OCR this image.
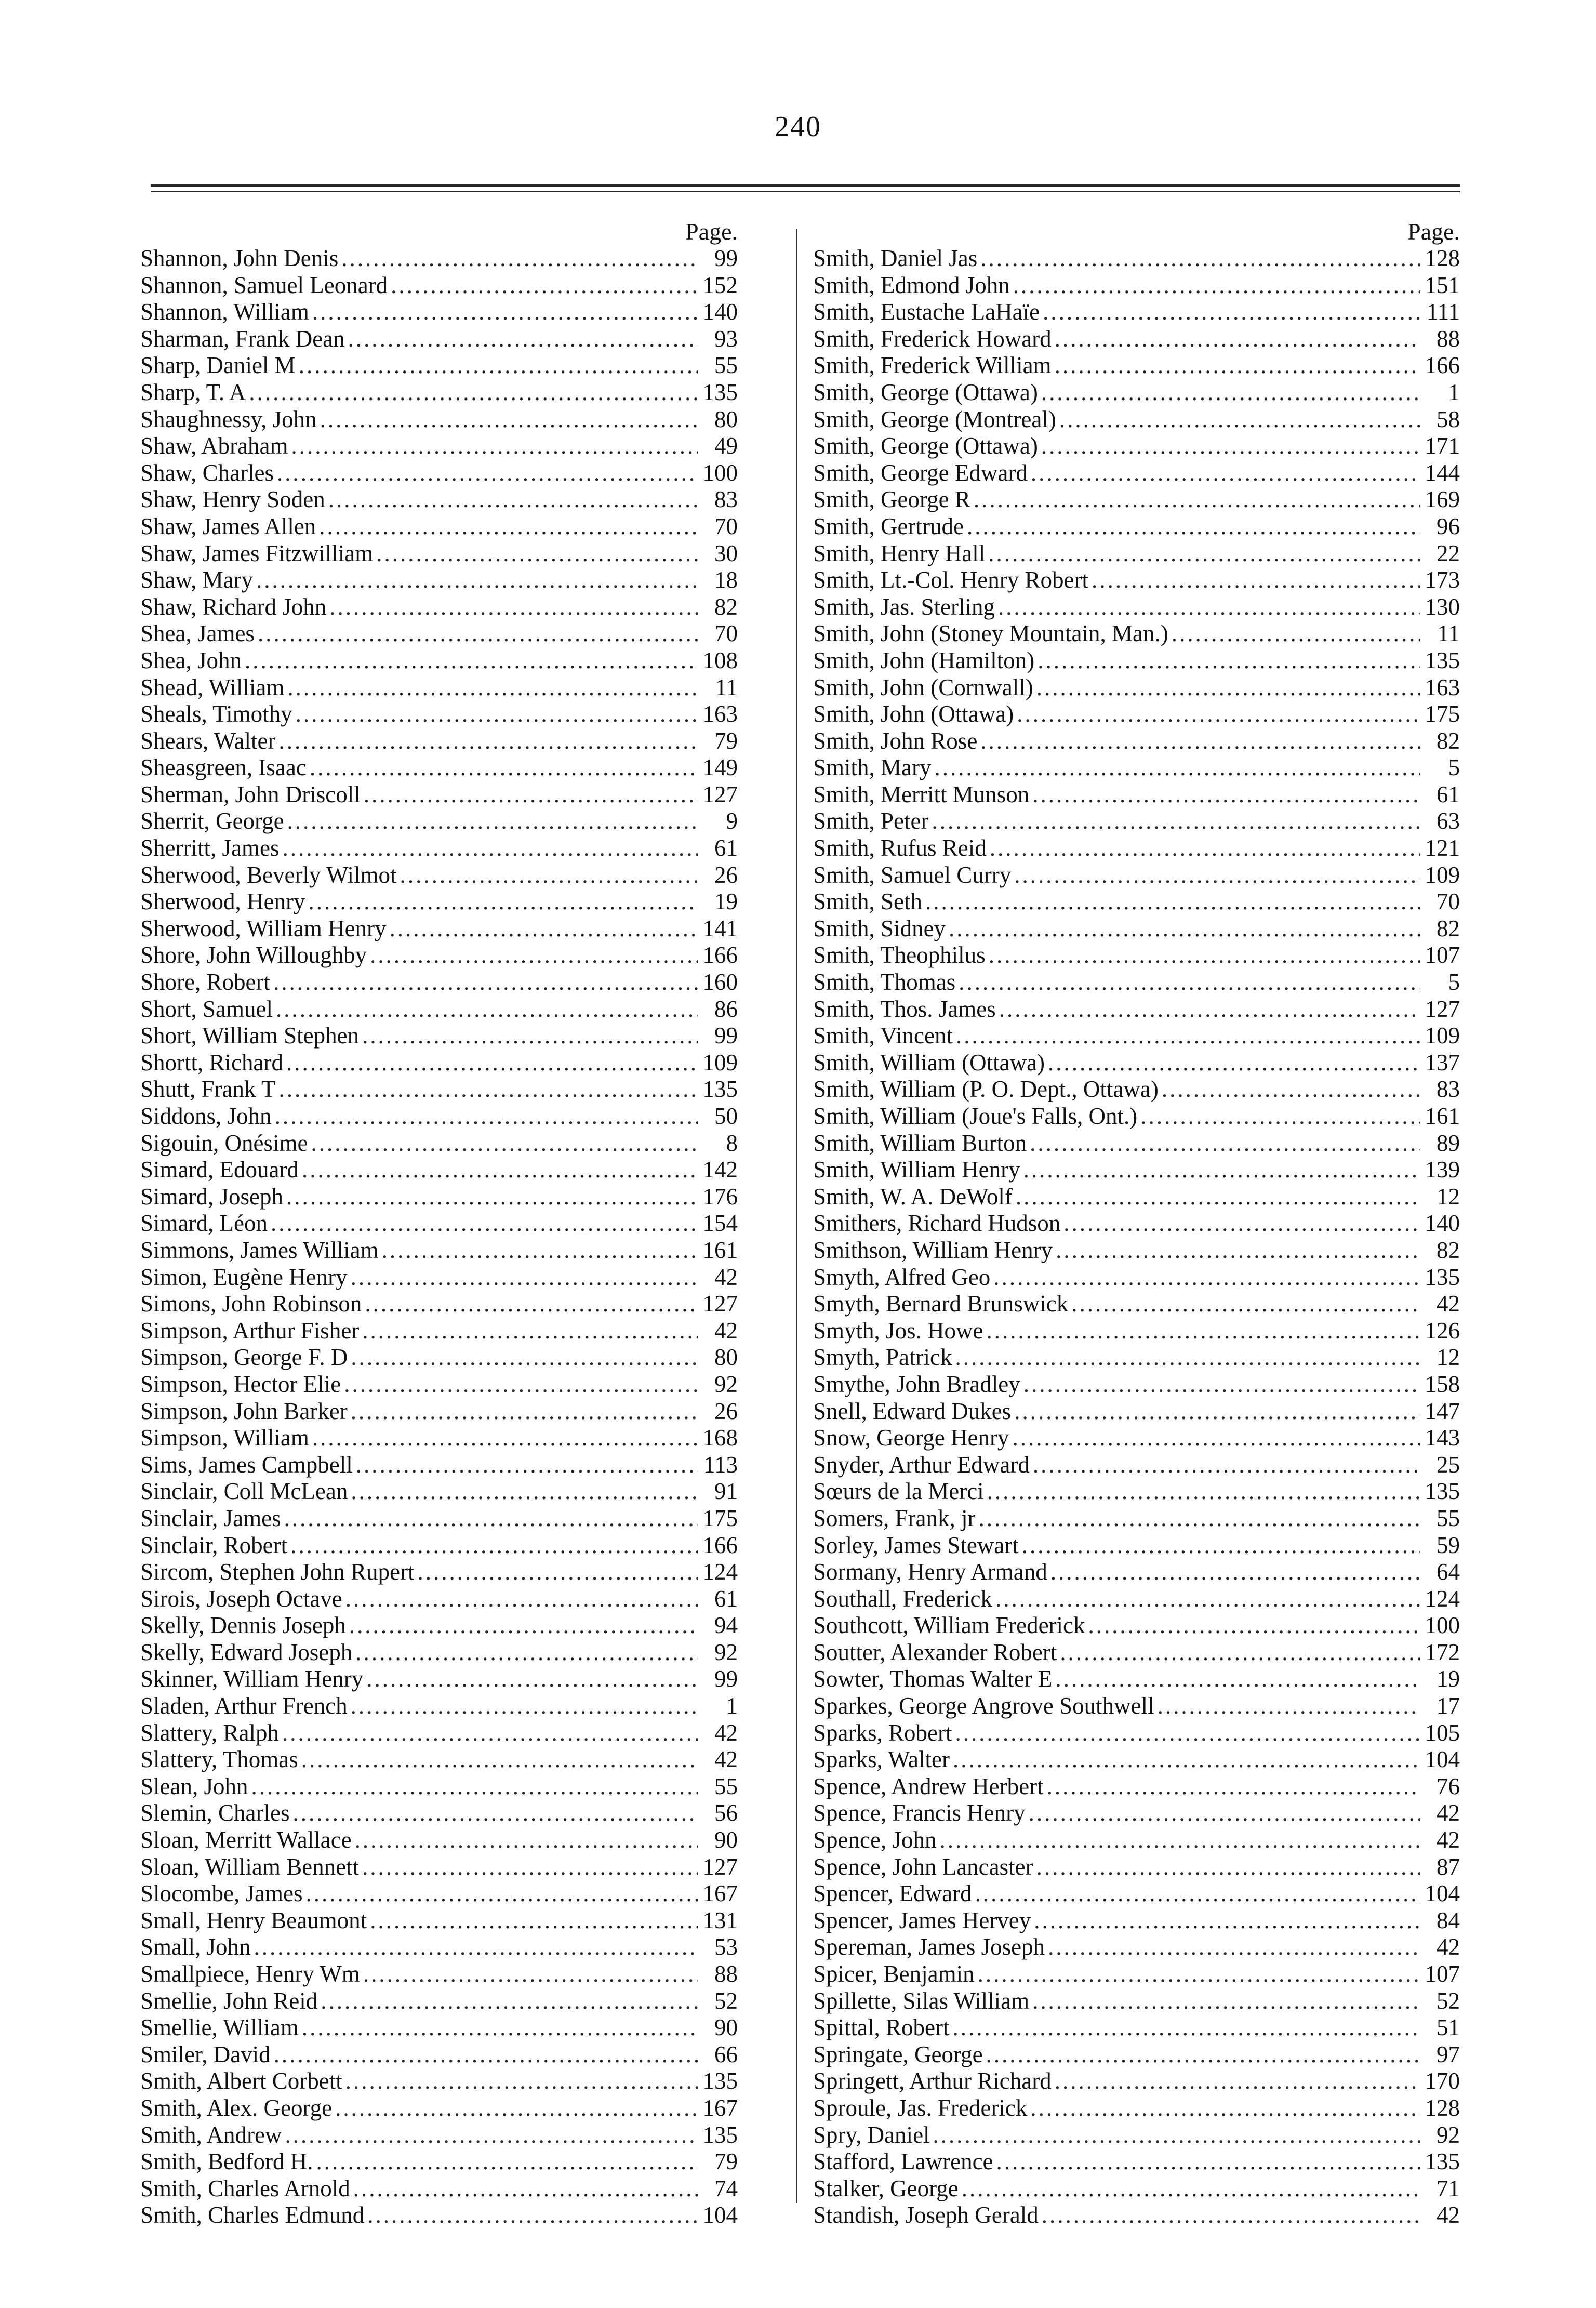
240
Page.
Shannon, John Denis .....	99
Shannon, Samuel Leonard .....	152
Shannon, William .....	140
Sharman, Frank Dean .....	93
Sharp, Daniel M .....	55
Sharp, T. A .....	135
Shaughnessy, John .....	80
Shaw, Abraham .....	49
Shaw, Charles .....	100
Shaw, Henry Soden .....	83
Shaw, James Allen .....	70
Shaw, James Fitzwilliam .....	30
Shaw, Mary .....	18
Shaw, Richard John .....	82
Shea, James .....	70
Shea, John .....	108
Shead, William .....	11
Sheals, Timothy .....	163
Shears, Walter .....	79
Sheasgreen, Isaac .....	149
Sherman, John Driscoll .....	127
Sherrit, George .....	9
Sherritt, James .....	61
Sherwood, Beverly Wilmot .....	26
Sherwood, Henry .....	19
Sherwood, William Henry .....	141
Shore, John Willoughby .....	166
Shore, Robert .....	160
Short, Samuel .....	86
Short, William Stephen .....	99
Shortt, Richard .....	109
Shutt, Frank T .....	135
Siddons, John .....	50
Sigouin, Onésime .....	8
Simard, Edouard .....	142
Simard, Joseph .....	176
Simard, Léon .....	154
Simmons, James William .....	161
Simon, Eugène Henry .....	42
Simons, John Robinson .....	127
Simpson, Arthur Fisher .....	42
Simpson, George F. D .....	80
Simpson, Hector Elie .....	92
Simpson, John Barker .....	26
Simpson, William .....	168
Sims, James Campbell .....	113
Sinclair, Coll McLean .....	91
Sinclair, James .....	175
Sinclair, Robert .....	166
Sircom, Stephen John Rupert .....	124
Sirois, Joseph Octave .....	61
Skelly, Dennis Joseph .....	94
Skelly, Edward Joseph .....	92
Skinner, William Henry .....	99
Sladen, Arthur French .....	1
Slattery, Ralph .....	42
Slattery, Thomas .....	42
Slean, John .....	55
Slemin, Charles .....	56
Sloan, Merritt Wallace .....	90
Sloan, William Bennett .....	127
Slocombe, James .....	167
Small, Henry Beaumont .....	131
Small, John .....	53
Smallpiece, Henry Wm .....	88
Smellie, John Reid .....	52
Smellie, William .....	90
Smiler, David .....	66
Smith, Albert Corbett .....	135
Smith, Alex. George .....	167
Smith, Andrew .....	135
Smith, Bedford H. .....	79
Smith, Charles Arnold .....	74
Smith, Charles Edmund .....	104
Page.
Smith, Daniel Jas .....	128
Smith, Edmond John .....	151
Smith, Eustache LaHaïe .....	111
Smith, Frederick Howard .....	88
Smith, Frederick William .....	166
Smith, George (Ottawa) .....	1
Smith, George (Montreal) .....	58
Smith, George (Ottawa) .....	171
Smith, George Edward .....	144
Smith, George R .....	169
Smith, Gertrude .....	96
Smith, Henry Hall .....	22
Smith, Lt.-Col. Henry Robert .....	173
Smith, Jas. Sterling .....	130
Smith, John (Stoney Mountain, Man.) .....	11
Smith, John (Hamilton) .....	135
Smith, John (Cornwall) .....	163
Smith, John (Ottawa) .....	175
Smith, John Rose .....	82
Smith, Mary .....	5
Smith, Merritt Munson .....	61
Smith, Peter .....	63
Smith, Rufus Reid .....	121
Smith, Samuel Curry .....	109
Smith, Seth .....	70
Smith, Sidney .....	82
Smith, Theophilus .....	107
Smith, Thomas .....	5
Smith, Thos. James .....	127
Smith, Vincent .....	109
Smith, William (Ottawa) .....	137
Smith, William (P. O. Dept., Ottawa) .....	83
Smith, William (Joue's Falls, Ont.) .....	161
Smith, William Burton .....	89
Smith, William Henry .....	139
Smith, W. A. DeWolf .....	12
Smithers, Richard Hudson .....	140
Smithson, William Henry .....	82
Smyth, Alfred Geo .....	135
Smyth, Bernard Brunswick .....	42
Smyth, Jos. Howe .....	126
Smyth, Patrick .....	12
Smythe, John Bradley .....	158
Snell, Edward Dukes .....	147
Snow, George Henry .....	143
Snyder, Arthur Edward .....	25
Sœurs de la Merci .....	135
Somers, Frank, jr .....	55
Sorley, James Stewart .....	59
Sormany, Henry Armand .....	64
Southall, Frederick .....	124
Southcott, William Frederick .....	100
Soutter, Alexander Robert .....	172
Sowter, Thomas Walter E .....	19
Sparkes, George Angrove Southwell .....	17
Sparks, Robert .....	105
Sparks, Walter .....	104
Spence, Andrew Herbert .....	76
Spence, Francis Henry .....	42
Spence, John .....	42
Spence, John Lancaster .....	87
Spencer, Edward .....	104
Spencer, James Hervey .....	84
Spereman, James Joseph .....	42
Spicer, Benjamin .....	107
Spillette, Silas William .....	52
Spittal, Robert .....	51
Springate, George .....	97
Springett, Arthur Richard .....	170
Sproule, Jas. Frederick .....	128
Spry, Daniel .....	92
Stafford, Lawrence .....	135
Stalker, George .....	71
Standish, Joseph Gerald .....	42
